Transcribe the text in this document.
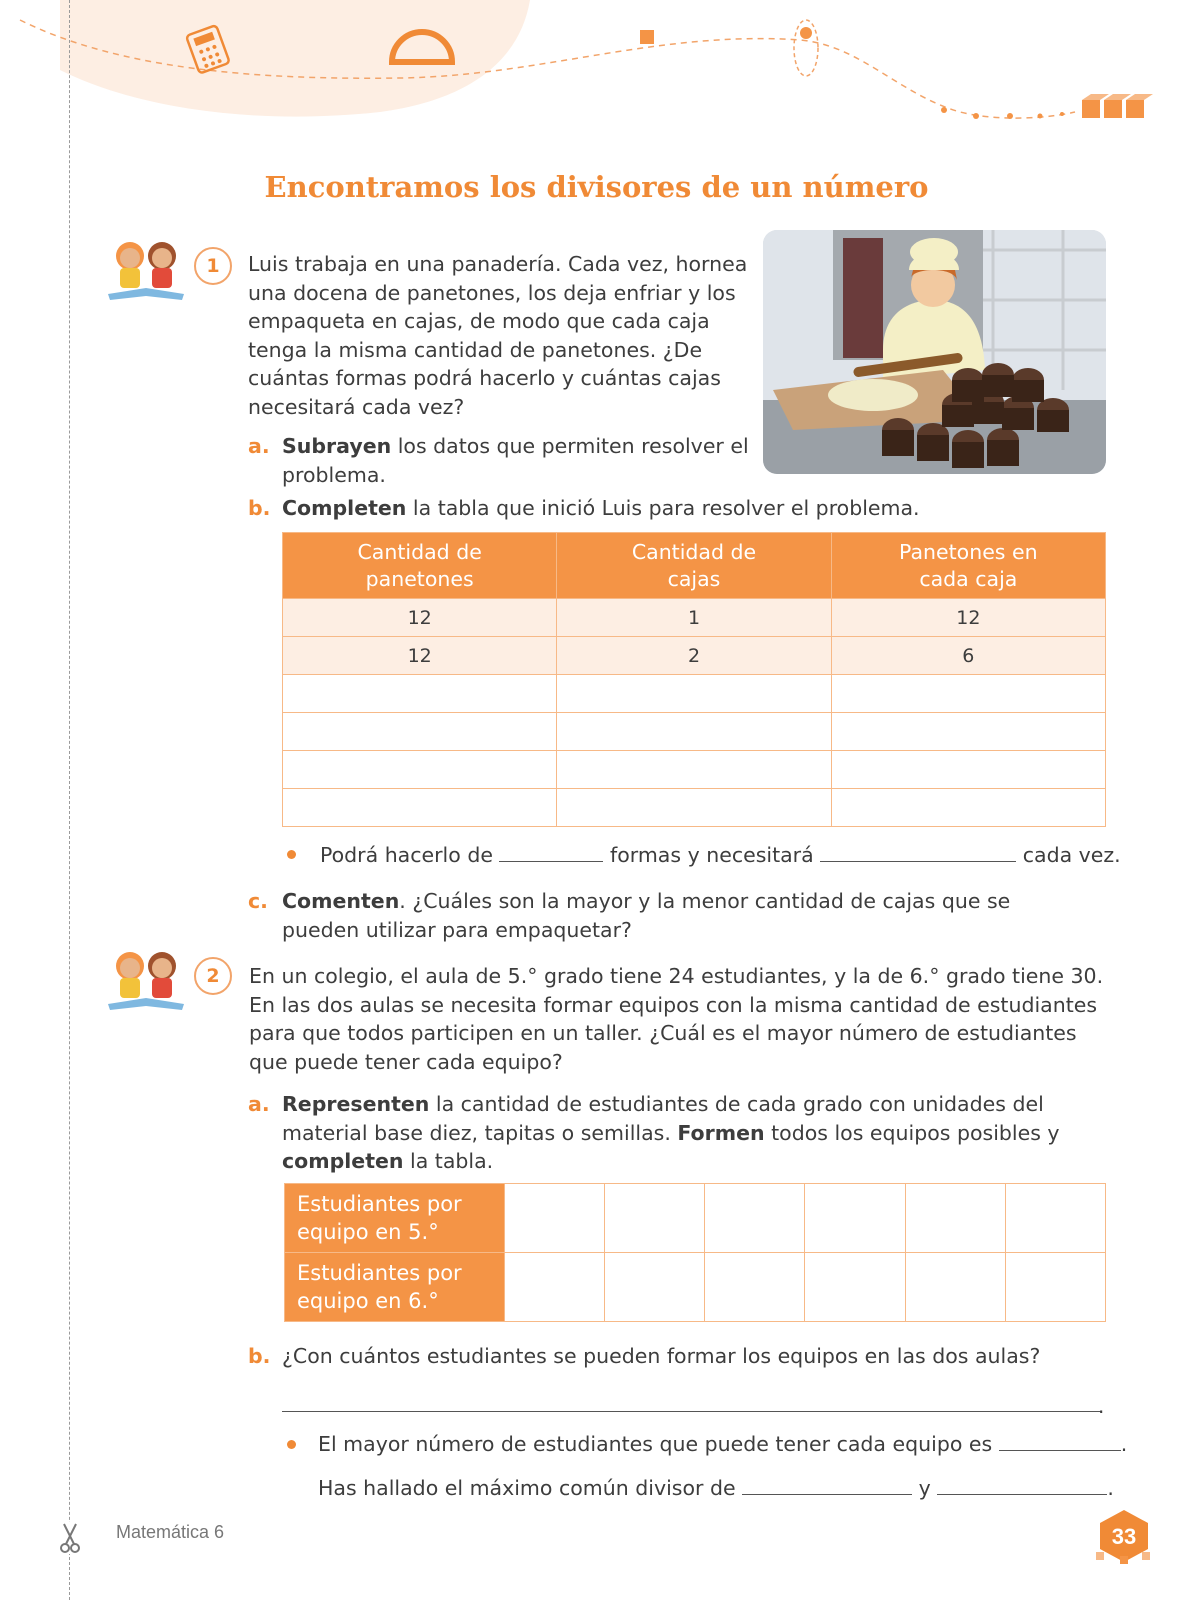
Encontramos los divisores de un número
1	Luis trabaja en una panadería. Cada vez, hornea una docena de panetones, los deja enfriar y los empaqueta en cajas, de modo que cada caja tenga la misma cantidad de panetones. ¿De cuántas formas podrá hacerlo y cuántas cajas necesitará cada vez?

a. Subrayen los datos que permiten resolver el problema.

b. Completen la tabla que inició Luis para resolver el problema.

Cantidad de panetones	Cantidad de cajas	Panetones en cada caja
12	1	12
12	2	6

Podrá hacerlo de	formas y necesitará	cada vez.

c. Comenten. ¿Cuáles son la mayor y la menor cantidad de cajas que se pueden utilizar para empaquetar?

2	En un colegio, el aula de 5.° grado tiene 24 estudiantes, y la de 6.° grado tiene 30. En las dos aulas se necesita formar equipos con la misma cantidad de estudiantes para que todos participen en un taller. ¿Cuál es el mayor número de estudiantes que puede tener cada equipo?

a. Representen la cantidad de estudiantes de cada grado con unidades del material base diez, tapitas o semillas. Formen todos los equipos posibles y completen la tabla.

Estudiantes por equipo en 5.°						
Estudiantes por equipo en 6.°						

b. ¿Con cuántos estudiantes se pueden formar los equipos en las dos aulas?

.

El mayor número de estudiantes que puede tener cada equipo es	.

Has hallado el máximo común divisor de	y	.

Matemática 6	33
